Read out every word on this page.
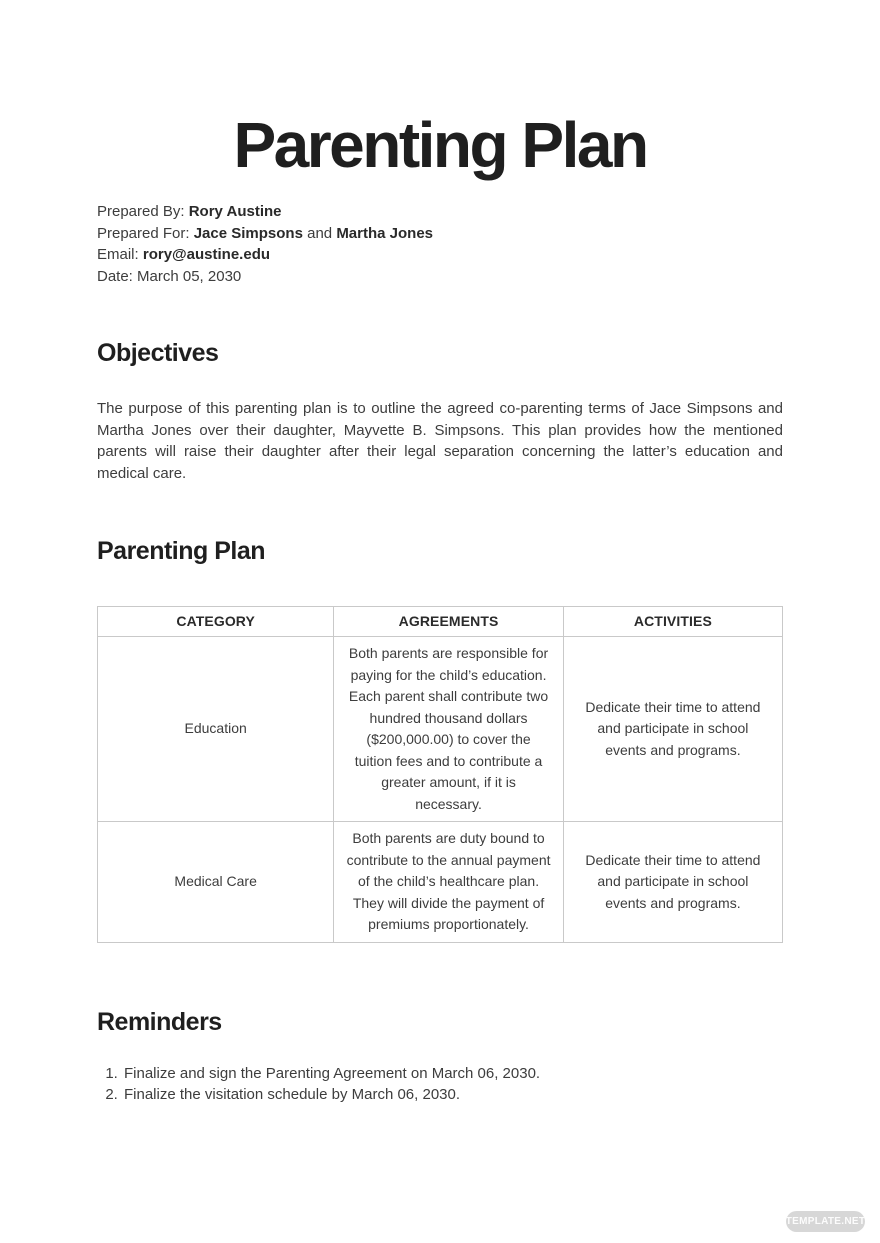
Parenting Plan
Prepared By: Rory Austine
Prepared For: Jace Simpsons and Martha Jones
Email: rory@austine.edu
Date: March 05, 2030
Objectives

The purpose of this parenting plan is to outline the agreed co-parenting terms of Jace Simpsons and Martha Jones over their daughter, Mayvette B. Simpsons. This plan provides how the mentioned parents will raise their daughter after their legal separation concerning the latter’s education and medical care.

Parenting Plan
CATEGORY	AGREEMENTS	ACTIVITIES
Education	Both parents are responsible for paying for the child’s education. Each parent shall contribute two hundred thousand dollars ($200,000.00) to cover the tuition fees and to contribute a greater amount, if it is necessary.	Dedicate their time to attend and participate in school events and programs.
Medical Care	Both parents are duty bound to contribute to the annual payment of the child’s healthcare plan. They will divide the payment of premiums proportionately.	Dedicate their time to attend and participate in school events and programs.
Reminders
1. Finalize and sign the Parenting Agreement on March 06, 2030.
2. Finalize the visitation schedule by March 06, 2030.
TEMPLATE.NET
